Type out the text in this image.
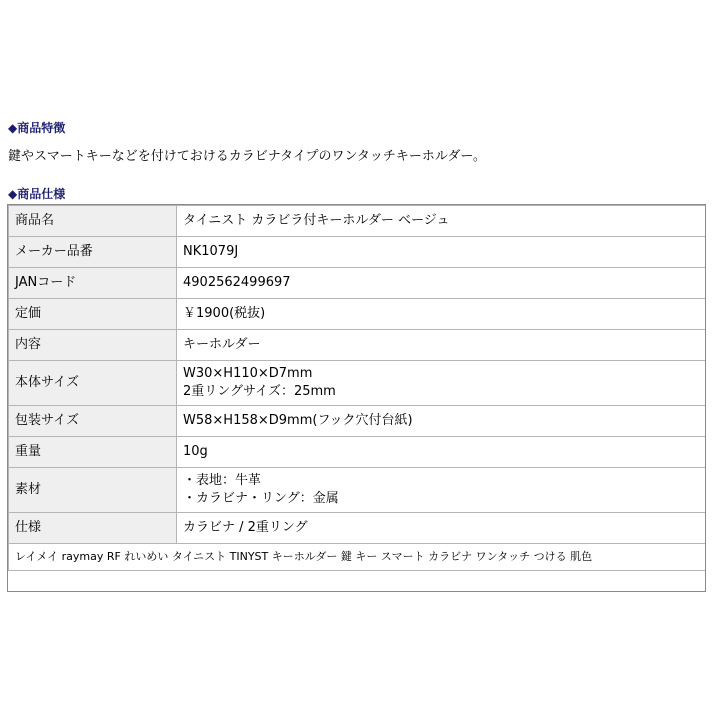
◆商品特徴
鍵やスマートキーなどを付けておけるカラビナタイプのワンタッチキーホルダー。
◆商品仕様
商品名	タイニスト カラビラ付キーホルダー ベージュ

メーカー品番	NK1079J

JANコード	4902562499697

定価	￥1900(税抜)

内容	キーホルダー

本体サイズ	W30×H110×D7mm
2重リングサイズ：25mm

包装サイズ	W58×H158×D9mm(フック穴付台紙)

重量	10g

素材	・表地：牛革
・カラビナ・リング：金属

仕様	カラビナ / 2重リング

レイメイ raymay RF れいめい タイニスト TINYST キーホルダー 鍵 キー スマート カラビナ ワンタッチ つける 肌色	
